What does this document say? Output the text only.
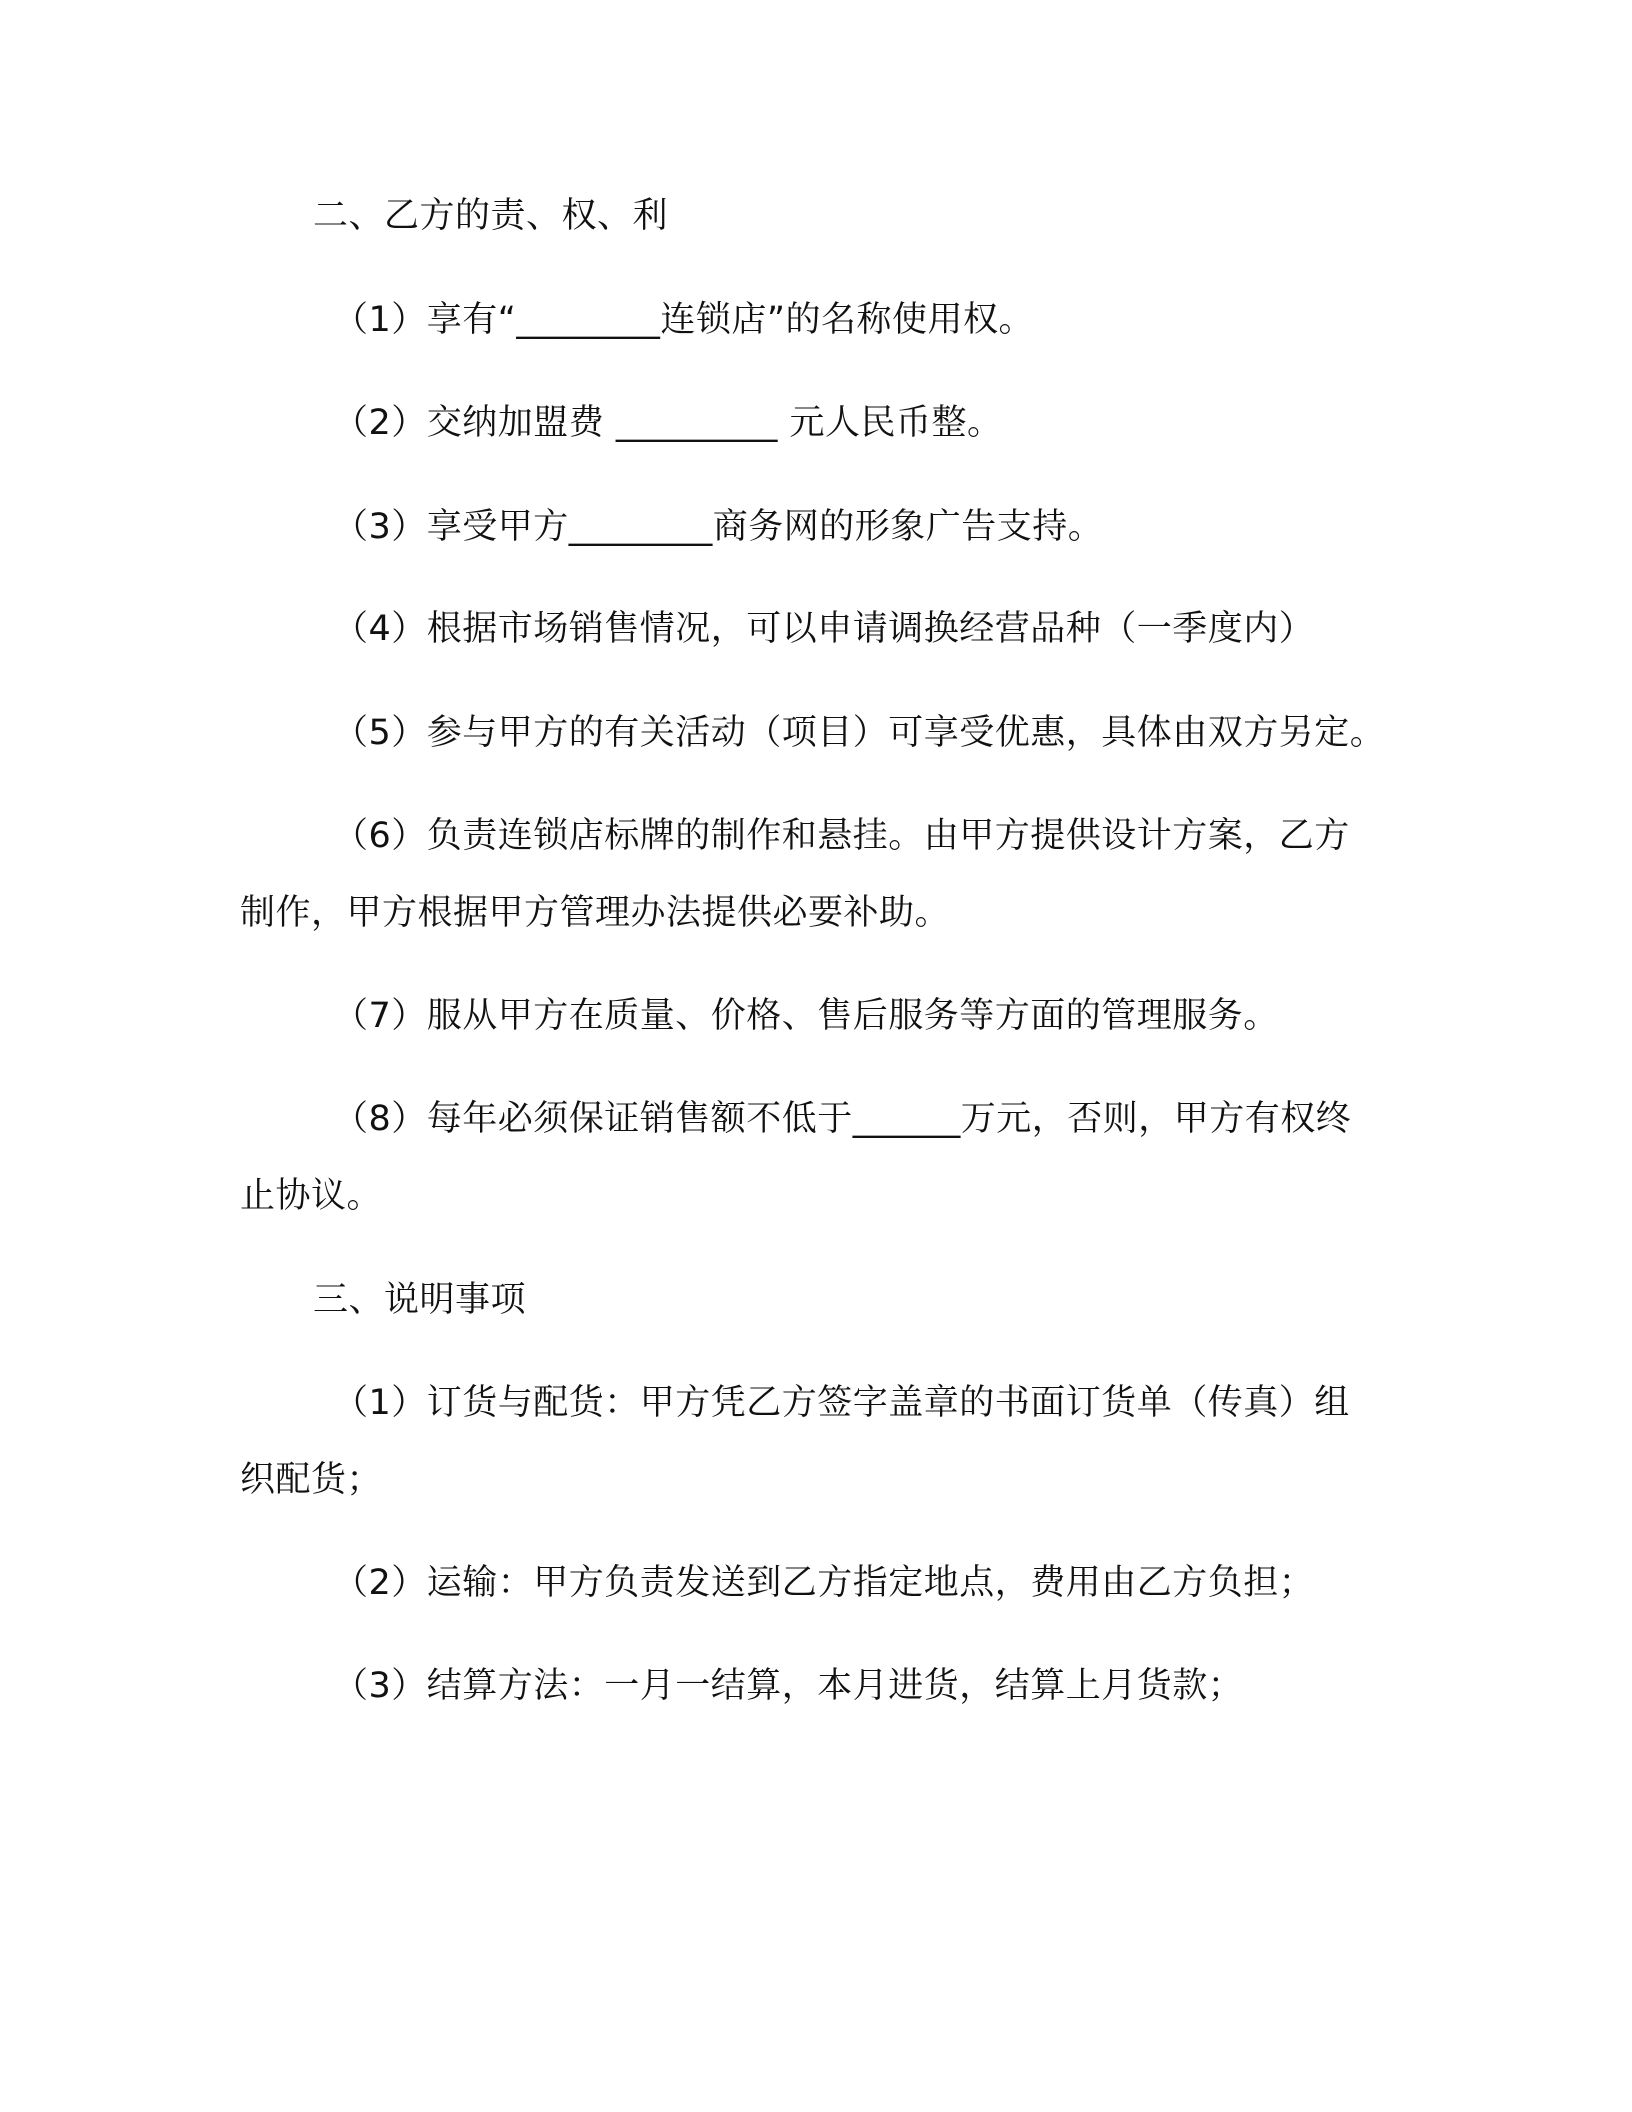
二、乙方的责、权、利

（1）享有“________连锁店”的名称使用权。

（2）交纳加盟费 _________ 元人民币整。

（3）享受甲方________商务网的形象广告支持。

（4）根据市场销售情况，可以申请调换经营品种（一季度内）

（5）参与甲方的有关活动（项目）可享受优惠，具体由双方另定。

（6）负责连锁店标牌的制作和悬挂。由甲方提供设计方案，乙方

制作，甲方根据甲方管理办法提供必要补助。

（7）服从甲方在质量、价格、售后服务等方面的管理服务。

（8）每年必须保证销售额不低于______万元，否则，甲方有权终

止协议。

三、说明事项

（1）订货与配货：甲方凭乙方签字盖章的书面订货单（传真）组

织配货；

（2）运输：甲方负责发送到乙方指定地点，费用由乙方负担；

（3）结算方法：一月一结算，本月进货，结算上月货款；
